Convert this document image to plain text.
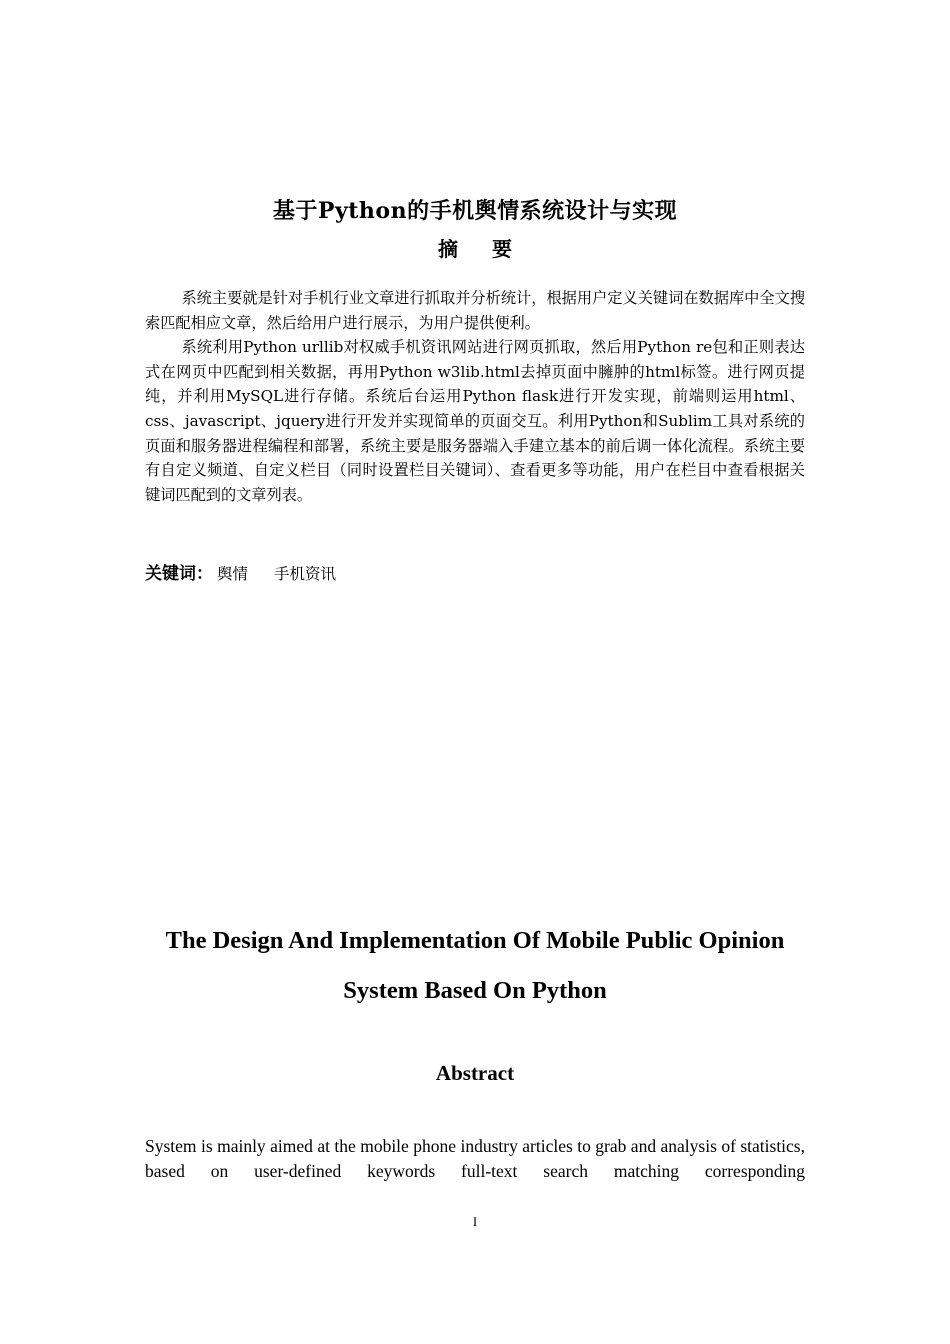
基于Python的手机舆情系统设计与实现
摘要

系统主要就是针对手机行业文章进行抓取并分析统计，根据用户定义关键词在数据库中全文搜索匹配相应文章，然后给用户进行展示，为用户提供便利。

系统利用Python urllib对权威手机资讯网站进行网页抓取，然后用Python re包和正则表达式在网页中匹配到相关数据，再用Python w3lib.html去掉页面中臃肿的html标签。进行网页提纯，并利用MySQL进行存储。系统后台运用Python flask进行开发实现，前端则运用html、css、javascript、jquery进行开发并实现简单的页面交互。利用Python和Sublim工具对系统的页面和服务器进程编程和部署，系统主要是服务器端入手建立基本的前后调一体化流程。系统主要有自定义频道、自定义栏目（同时设置栏目关键词）、查看更多等功能，用户在栏目中查看根据关键词匹配到的文章列表。

关键词： 舆情 手机资讯
The Design And Implementation Of Mobile Public Opinion
System Based On Python
Abstract
System is mainly aimed at the mobile phone industry articles to grab and analysis of statistics, based on user-defined keywords full-text search matching corresponding
I
